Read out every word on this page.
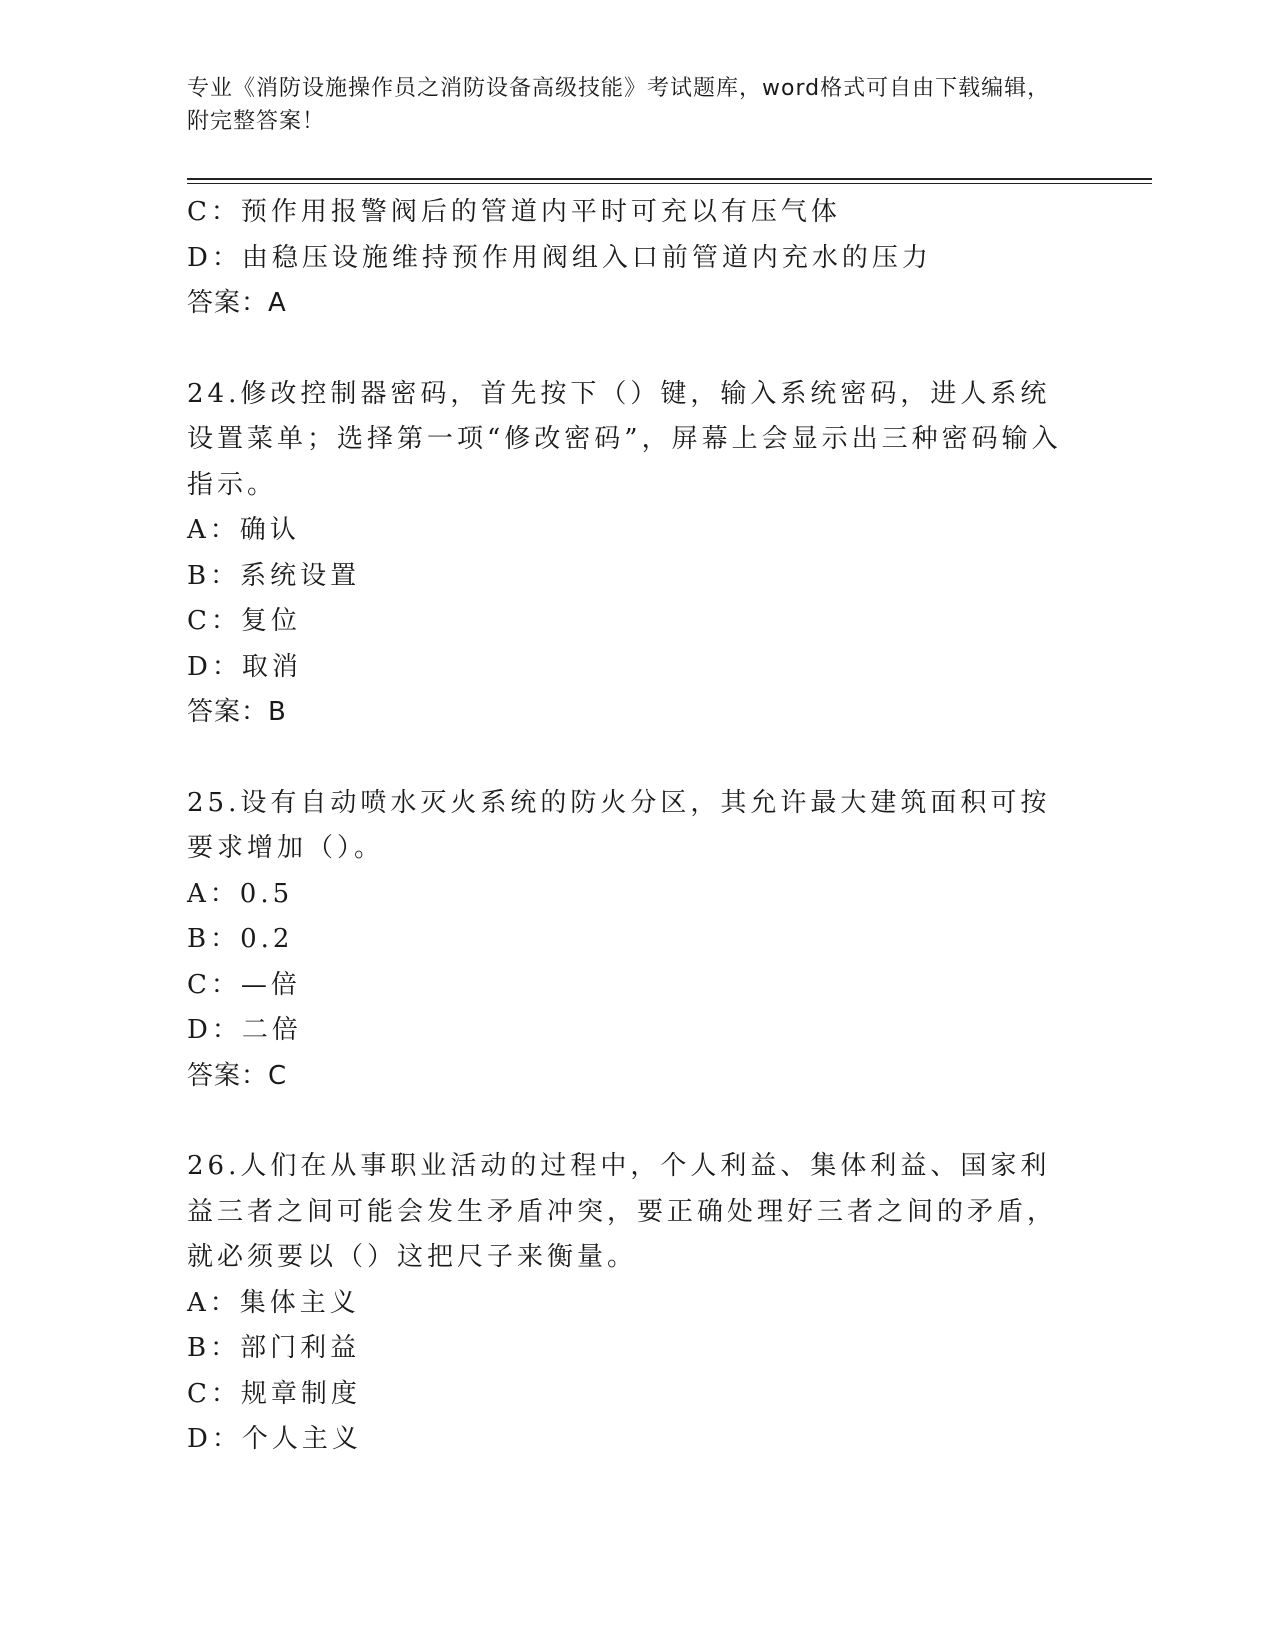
专业《消防设施操作员之消防设备高级技能》考试题库，word格式可自由下载编辑，附完整答案！
C：预作用报警阀后的管道内平时可充以有压气体
D：由稳压设施维持预作用阀组入口前管道内充水的压力
答案：A
24.修改控制器密码，首先按下（）键，输入系统密码，进人系统设置菜单；选择第一项“修改密码”，屏幕上会显示出三种密码输入指示。
A：确认
B：系统设置
C：复位
D：取消
答案：B
25.设有自动喷水灭火系统的防火分区，其允许最大建筑面积可按要求增加（）。
A：0.5
B：0.2
C：—倍
D：二倍
答案：C
26.人们在从事职业活动的过程中，个人利益、集体利益、国家利益三者之间可能会发生矛盾冲突，要正确处理好三者之间的矛盾，就必须要以（）这把尺子来衡量。
A：集体主义
B：部门利益
C：规章制度
D：个人主义
